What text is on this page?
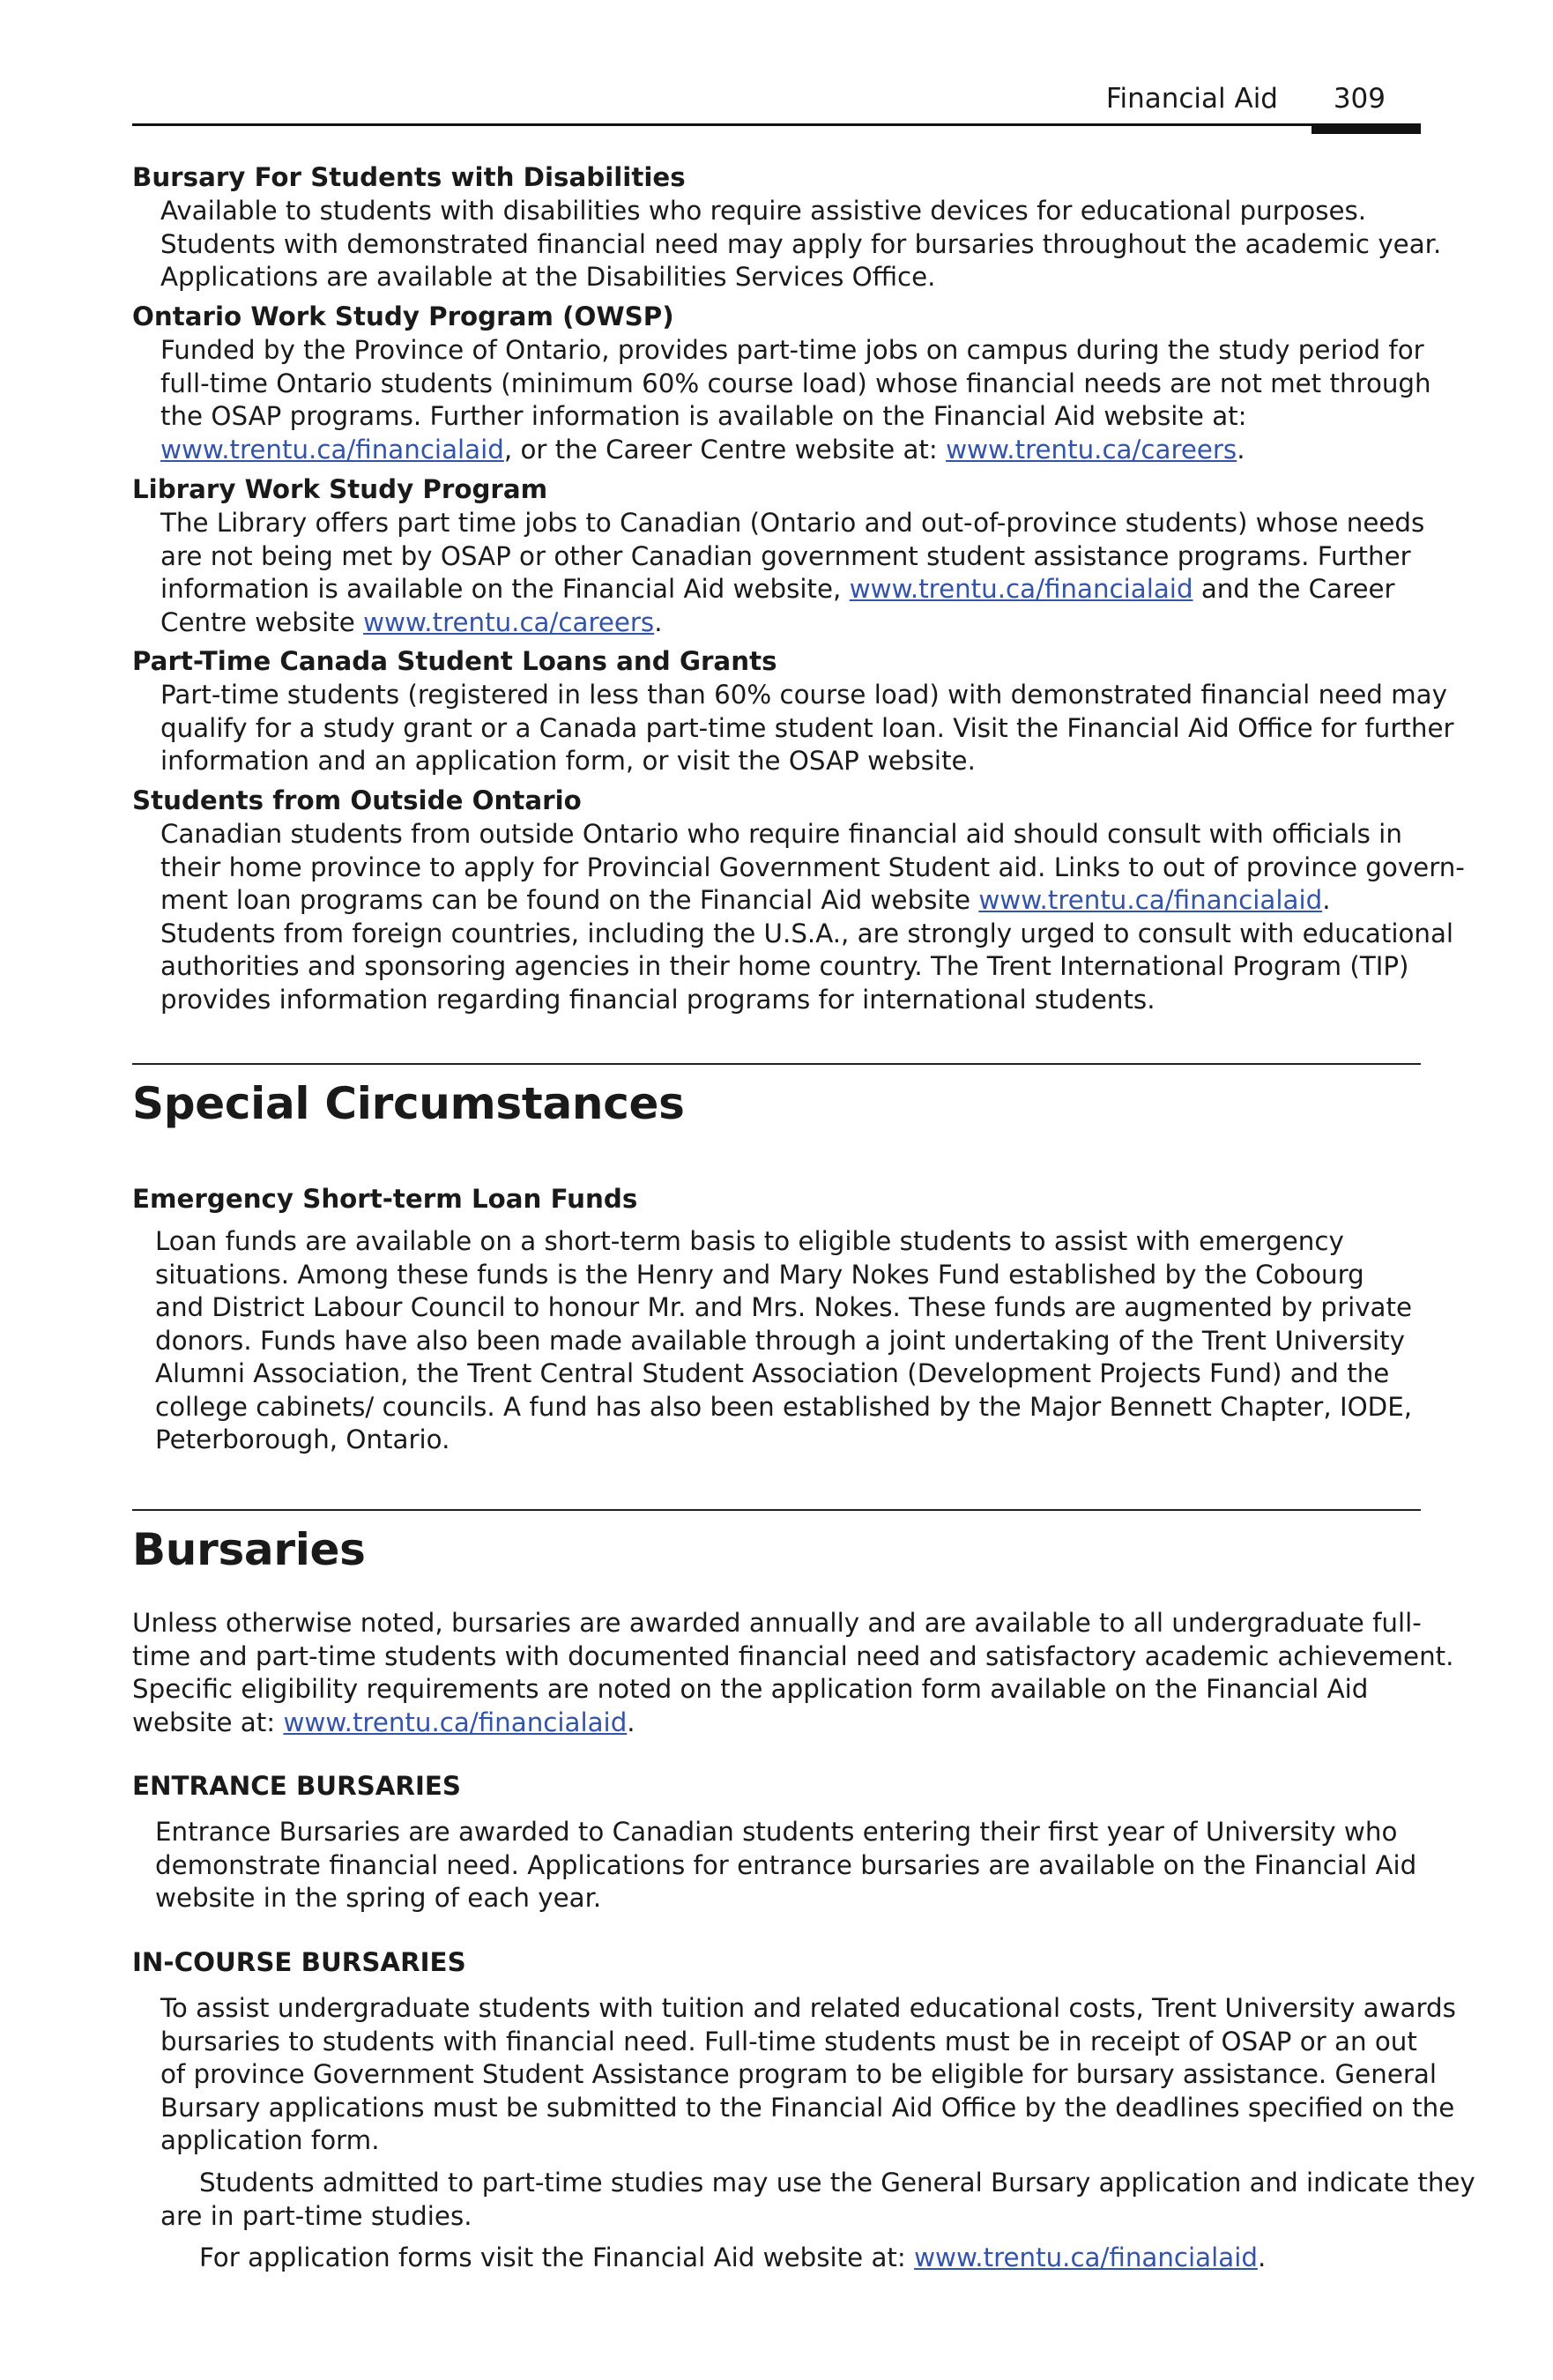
Financial Aid 309
Bursary For Students with Disabilities
Available to students with disabilities who require assistive devices for educational purposes.
Students with demonstrated financial need may apply for bursaries throughout the academic year.
Applications are available at the Disabilities Services Office.
Ontario Work Study Program (OWSP)
Funded by the Province of Ontario, provides part-time jobs on campus during the study period for
full-time Ontario students (minimum 60% course load) whose financial needs are not met through
the OSAP programs. Further information is available on the Financial Aid website at:
www.trentu.ca/financialaid, or the Career Centre website at: www.trentu.ca/careers.
Library Work Study Program
The Library offers part time jobs to Canadian (Ontario and out-of-province students) whose needs
are not being met by OSAP or other Canadian government student assistance programs. Further
information is available on the Financial Aid website, www.trentu.ca/financialaid and the Career
Centre website www.trentu.ca/careers.
Part-Time Canada Student Loans and Grants
Part-time students (registered in less than 60% course load) with demonstrated financial need may
qualify for a study grant or a Canada part-time student loan. Visit the Financial Aid Office for further
information and an application form, or visit the OSAP website.
Students from Outside Ontario
Canadian students from outside Ontario who require financial aid should consult with officials in
their home province to apply for Provincial Government Student aid. Links to out of province govern-
ment loan programs can be found on the Financial Aid website www.trentu.ca/financialaid.
Students from foreign countries, including the U.S.A., are strongly urged to consult with educational
authorities and sponsoring agencies in their home country. The Trent International Program (TIP)
provides information regarding financial programs for international students.
Special Circumstances
Emergency Short-term Loan Funds
Loan funds are available on a short-term basis to eligible students to assist with emergency
situations. Among these funds is the Henry and Mary Nokes Fund established by the Cobourg
and District Labour Council to honour Mr. and Mrs. Nokes. These funds are augmented by private
donors. Funds have also been made available through a joint undertaking of the Trent University
Alumni Association, the Trent Central Student Association (Development Projects Fund) and the
college cabinets/ councils. A fund has also been established by the Major Bennett Chapter, IODE,
Peterborough, Ontario.
Bursaries
Unless otherwise noted, bursaries are awarded annually and are available to all undergraduate full-
time and part-time students with documented financial need and satisfactory academic achievement.
Specific eligibility requirements are noted on the application form available on the Financial Aid
website at: www.trentu.ca/financialaid.
ENTRANCE BURSARIES
Entrance Bursaries are awarded to Canadian students entering their first year of University who
demonstrate financial need. Applications for entrance bursaries are available on the Financial Aid
website in the spring of each year.
IN-COURSE BURSARIES
To assist undergraduate students with tuition and related educational costs, Trent University awards
bursaries to students with financial need. Full-time students must be in receipt of OSAP or an out
of province Government Student Assistance program to be eligible for bursary assistance. General
Bursary applications must be submitted to the Financial Aid Office by the deadlines specified on the
application form.
Students admitted to part-time studies may use the General Bursary application and indicate they
are in part-time studies.
For application forms visit the Financial Aid website at: www.trentu.ca/financialaid.
